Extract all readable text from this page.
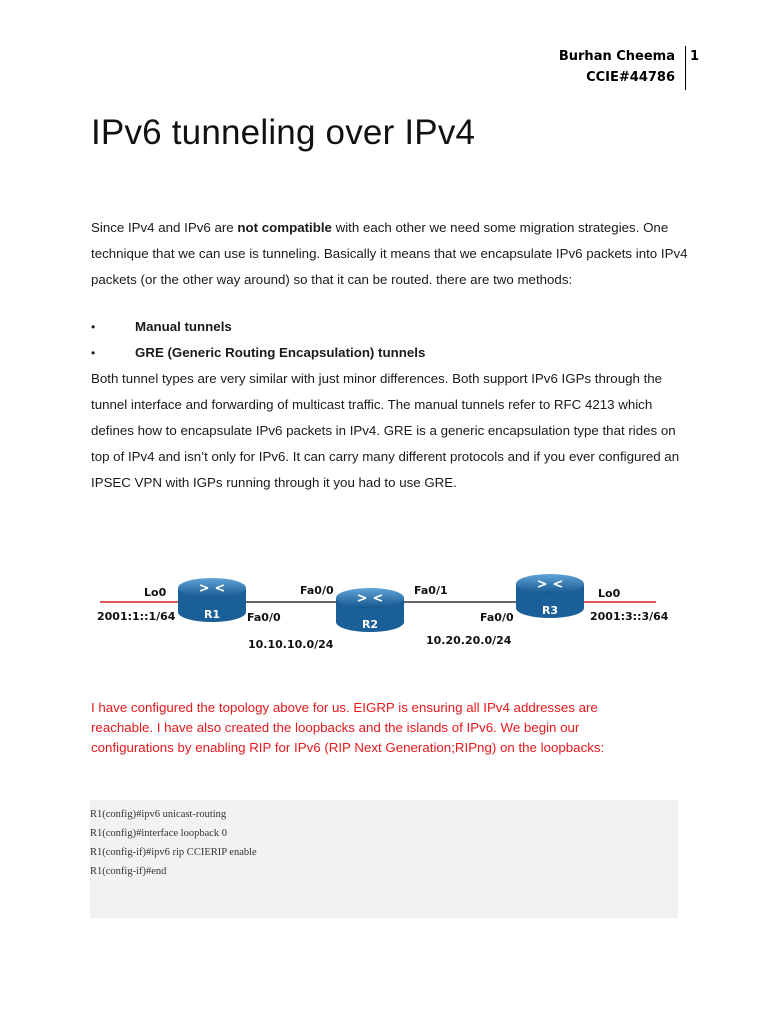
Burhan Cheema
CCIE#44786
1
IPv6 tunneling over IPv4
Since IPv4 and IPv6 are not compatible with each other we need some migration strategies. One technique that we can use is tunneling. Basically it means that we encapsulate IPv6 packets into IPv4 packets (or the other way around) so that it can be routed. there are two methods:
•	Manual tunnels
•	GRE (Generic Routing Encapsulation) tunnels
Both tunnel types are very similar with just minor differences. Both support IPv6 IGPs through the tunnel interface and forwarding of multicast traffic. The manual tunnels refer to RFC 4213 which defines how to encapsulate IPv6 packets in IPv4. GRE is a generic encapsulation type that rides on top of IPv4 and isn’t only for IPv6. It can carry many different protocols and if you ever configured an IPSEC VPN with IGPs running through it you had to use GRE.
R1
R2
R3
Lo0
2001:1::1/64	Fa0/0
Fa0/0	Fa0/1
Fa0/0
Lo0
2001:3::3/64
10.10.10.0/24	10.20.20.0/24
I have configured the topology above for us. EIGRP is ensuring all IPv4 addresses are reachable. I have also created the loopbacks and the islands of IPv6. We begin our configurations by enabling RIP for IPv6 (RIP Next Generation;RIPng) on the loopbacks:
R1(config)#ipv6 unicast-routing
R1(config)#interface loopback 0
R1(config-if)#ipv6 rip CCIERIP enable
R1(config-if)#end
